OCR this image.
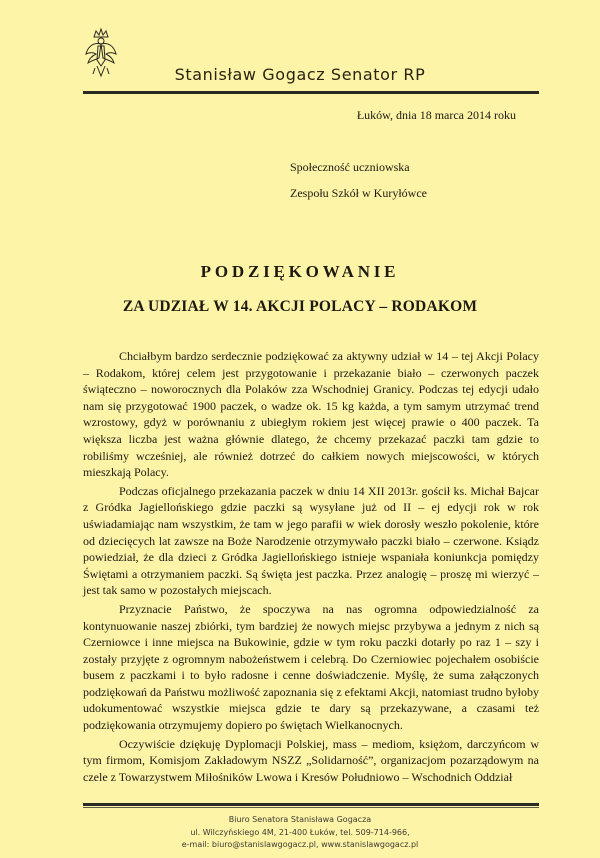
Stanisław Gogacz Senator RP
Łuków, dnia 18 marca 2014 roku
Społeczność uczniowska
Zespołu Szkół w Kuryłówce
PODZIĘKOWANIE
ZA UDZIAŁ W 14. AKCJI POLACY – RODAKOM

Chciałbym bardzo serdecznie podziękować za aktywny udział w 14 – tej Akcji Polacy – Rodakom, której celem jest przygotowanie i przekazanie biało – czerwonych paczek świąteczno – noworocznych dla Polaków zza Wschodniej Granicy. Podczas tej edycji udało nam się przygotować 1900 paczek, o wadze ok. 15 kg każda, a tym samym utrzymać trend wzrostowy, gdyż w porównaniu z ubiegłym rokiem jest więcej prawie o 400 paczek. Ta większa liczba jest ważna głównie dlatego, że chcemy przekazać paczki tam gdzie to robiliśmy wcześniej, ale również dotrzeć do całkiem nowych miejscowości, w których mieszkają Polacy.

Podczas oficjalnego przekazania paczek w dniu 14 XII 2013r. gościł ks. Michał Bajcar z Gródka Jagiellońskiego gdzie paczki są wysyłane już od II – ej edycji rok w rok uświadamiając nam wszystkim, że tam w jego parafii w wiek dorosły weszło pokolenie, które od dziecięcych lat zawsze na Boże Narodzenie otrzymywało paczki biało – czerwone. Ksiądz powiedział, że dla dzieci z Gródka Jagiellońskiego istnieje wspaniała koniunkcja pomiędzy Świętami a otrzymaniem paczki. Są święta jest paczka. Przez analogię – proszę mi wierzyć – jest tak samo w pozostałych miejscach.

Przyznacie Państwo, że spoczywa na nas ogromna odpowiedzialność za kontynuowanie naszej zbiórki, tym bardziej że nowych miejsc przybywa a jednym z nich są Czerniowce i inne miejsca na Bukowinie, gdzie w tym roku paczki dotarły po raz 1 – szy i zostały przyjęte z ogromnym nabożeństwem i celebrą. Do Czerniowiec pojechałem osobiście busem z paczkami i to było radosne i cenne doświadczenie. Myślę, że suma załączonych podziękowań da Państwu możliwość zapoznania się z efektami Akcji, natomiast trudno byłoby udokumentować wszystkie miejsca gdzie te dary są przekazywane, a czasami też podziękowania otrzymujemy dopiero po świętach Wielkanocnych.

Oczywiście dziękuję Dyplomacji Polskiej, mass – mediom, księżom, darczyńcom w tym firmom, Komisjom Zakładowym NSZZ „Solidarność”, organizacjom pozarządowym na czele z Towarzystwem Miłośników Lwowa i Kresów Południowo – Wschodnich Oddział

Biuro Senatora Stanisława Gogacza
ul. Wilczyńskiego 4M, 21-400 Łuków, tel. 509-714-966,
e-mail: biuro@stanislawgogacz.pl, www.stanislawgogacz.pl
